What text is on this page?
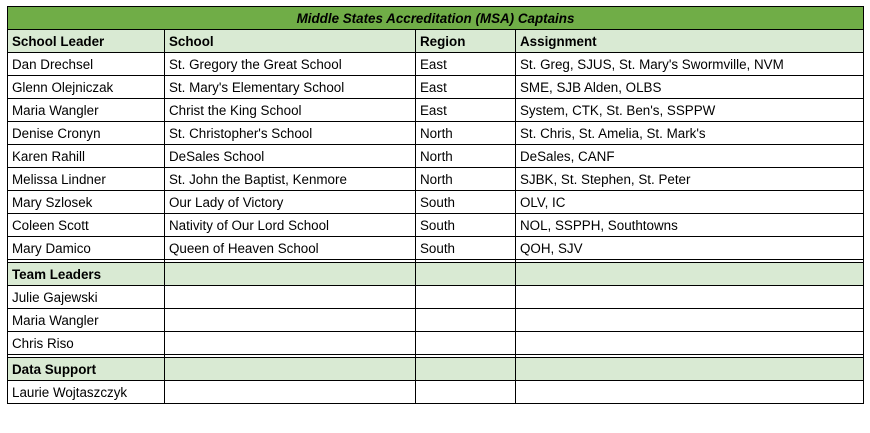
Middle States Accreditation (MSA) Captains			
School Leader	School	Region	Assignment
Dan Drechsel	St. Gregory the Great School	East	St. Greg, SJUS, St. Mary's Swormville, NVM
Glenn Olejniczak	St. Mary's Elementary School	East	SME, SJB Alden, OLBS
Maria Wangler	Christ the King School	East	System, CTK, St. Ben's, SSPPW
Denise Cronyn	St. Christopher's School	North	St. Chris, St. Amelia, St. Mark's
Karen Rahill	DeSales School	North	DeSales, CANF
Melissa Lindner	St. John the Baptist, Kenmore	North	SJBK, St. Stephen, St. Peter
Mary Szlosek	Our Lady of Victory	South	OLV, IC
Coleen Scott	Nativity of Our Lord School	South	NOL, SSPPH, Southtowns
Mary Damico	Queen of Heaven School	South	QOH, SJV

Team Leaders			
Julie Gajewski			
Maria Wangler			
Chris Riso			

Data Support			
Laurie Wojtaszczyk			
